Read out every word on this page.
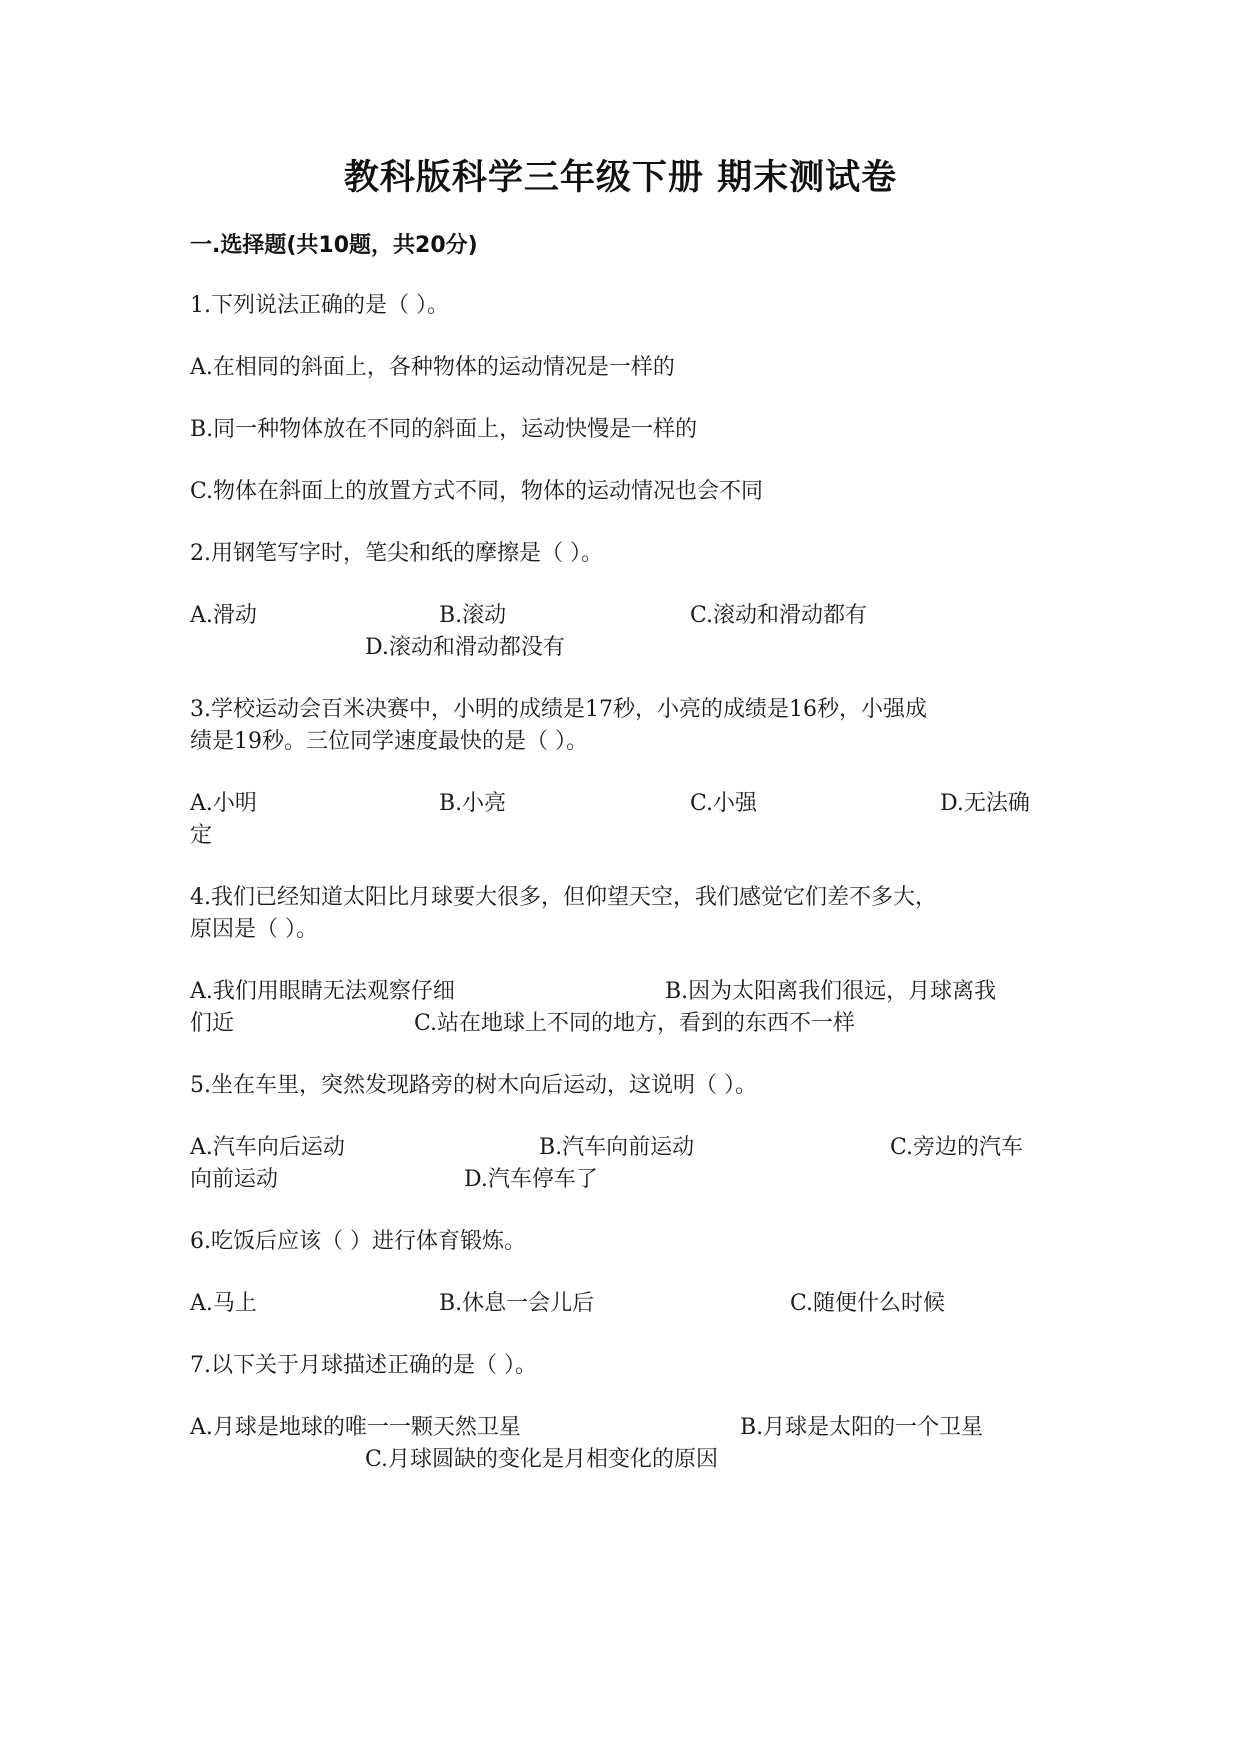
教科版科学三年级下册 期末测试卷
一.选择题(共10题，共20分)
1.下列说法正确的是（ ）。
A.在相同的斜面上，各种物体的运动情况是一样的
B.同一种物体放在不同的斜面上，运动快慢是一样的
C.物体在斜面上的放置方式不同，物体的运动情况也会不同
2.用钢笔写字时，笔尖和纸的摩擦是（ ）。
A.滑动	B.滚动	C.滚动和滑动都有
D.滚动和滑动都没有
3.学校运动会百米决赛中，小明的成绩是17秒，小亮的成绩是16秒，小强成
绩是19秒。三位同学速度最快的是（ ）。
A.小明	B.小亮	C.小强	D.无法确
定
4.我们已经知道太阳比月球要大很多，但仰望天空，我们感觉它们差不多大，
原因是（ ）。
A.我们用眼睛无法观察仔细	B.因为太阳离我们很远，月球离我
们近	C.站在地球上不同的地方，看到的东西不一样
5.坐在车里，突然发现路旁的树木向后运动，这说明（ ）。
A.汽车向后运动	B.汽车向前运动	C.旁边的汽车
向前运动	D.汽车停车了
6.吃饭后应该（ ）进行体育锻炼。
A.马上	B.休息一会儿后	C.随便什么时候
7.以下关于月球描述正确的是（ ）。
A.月球是地球的唯一一颗天然卫星	B.月球是太阳的一个卫星
C.月球圆缺的变化是月相变化的原因
